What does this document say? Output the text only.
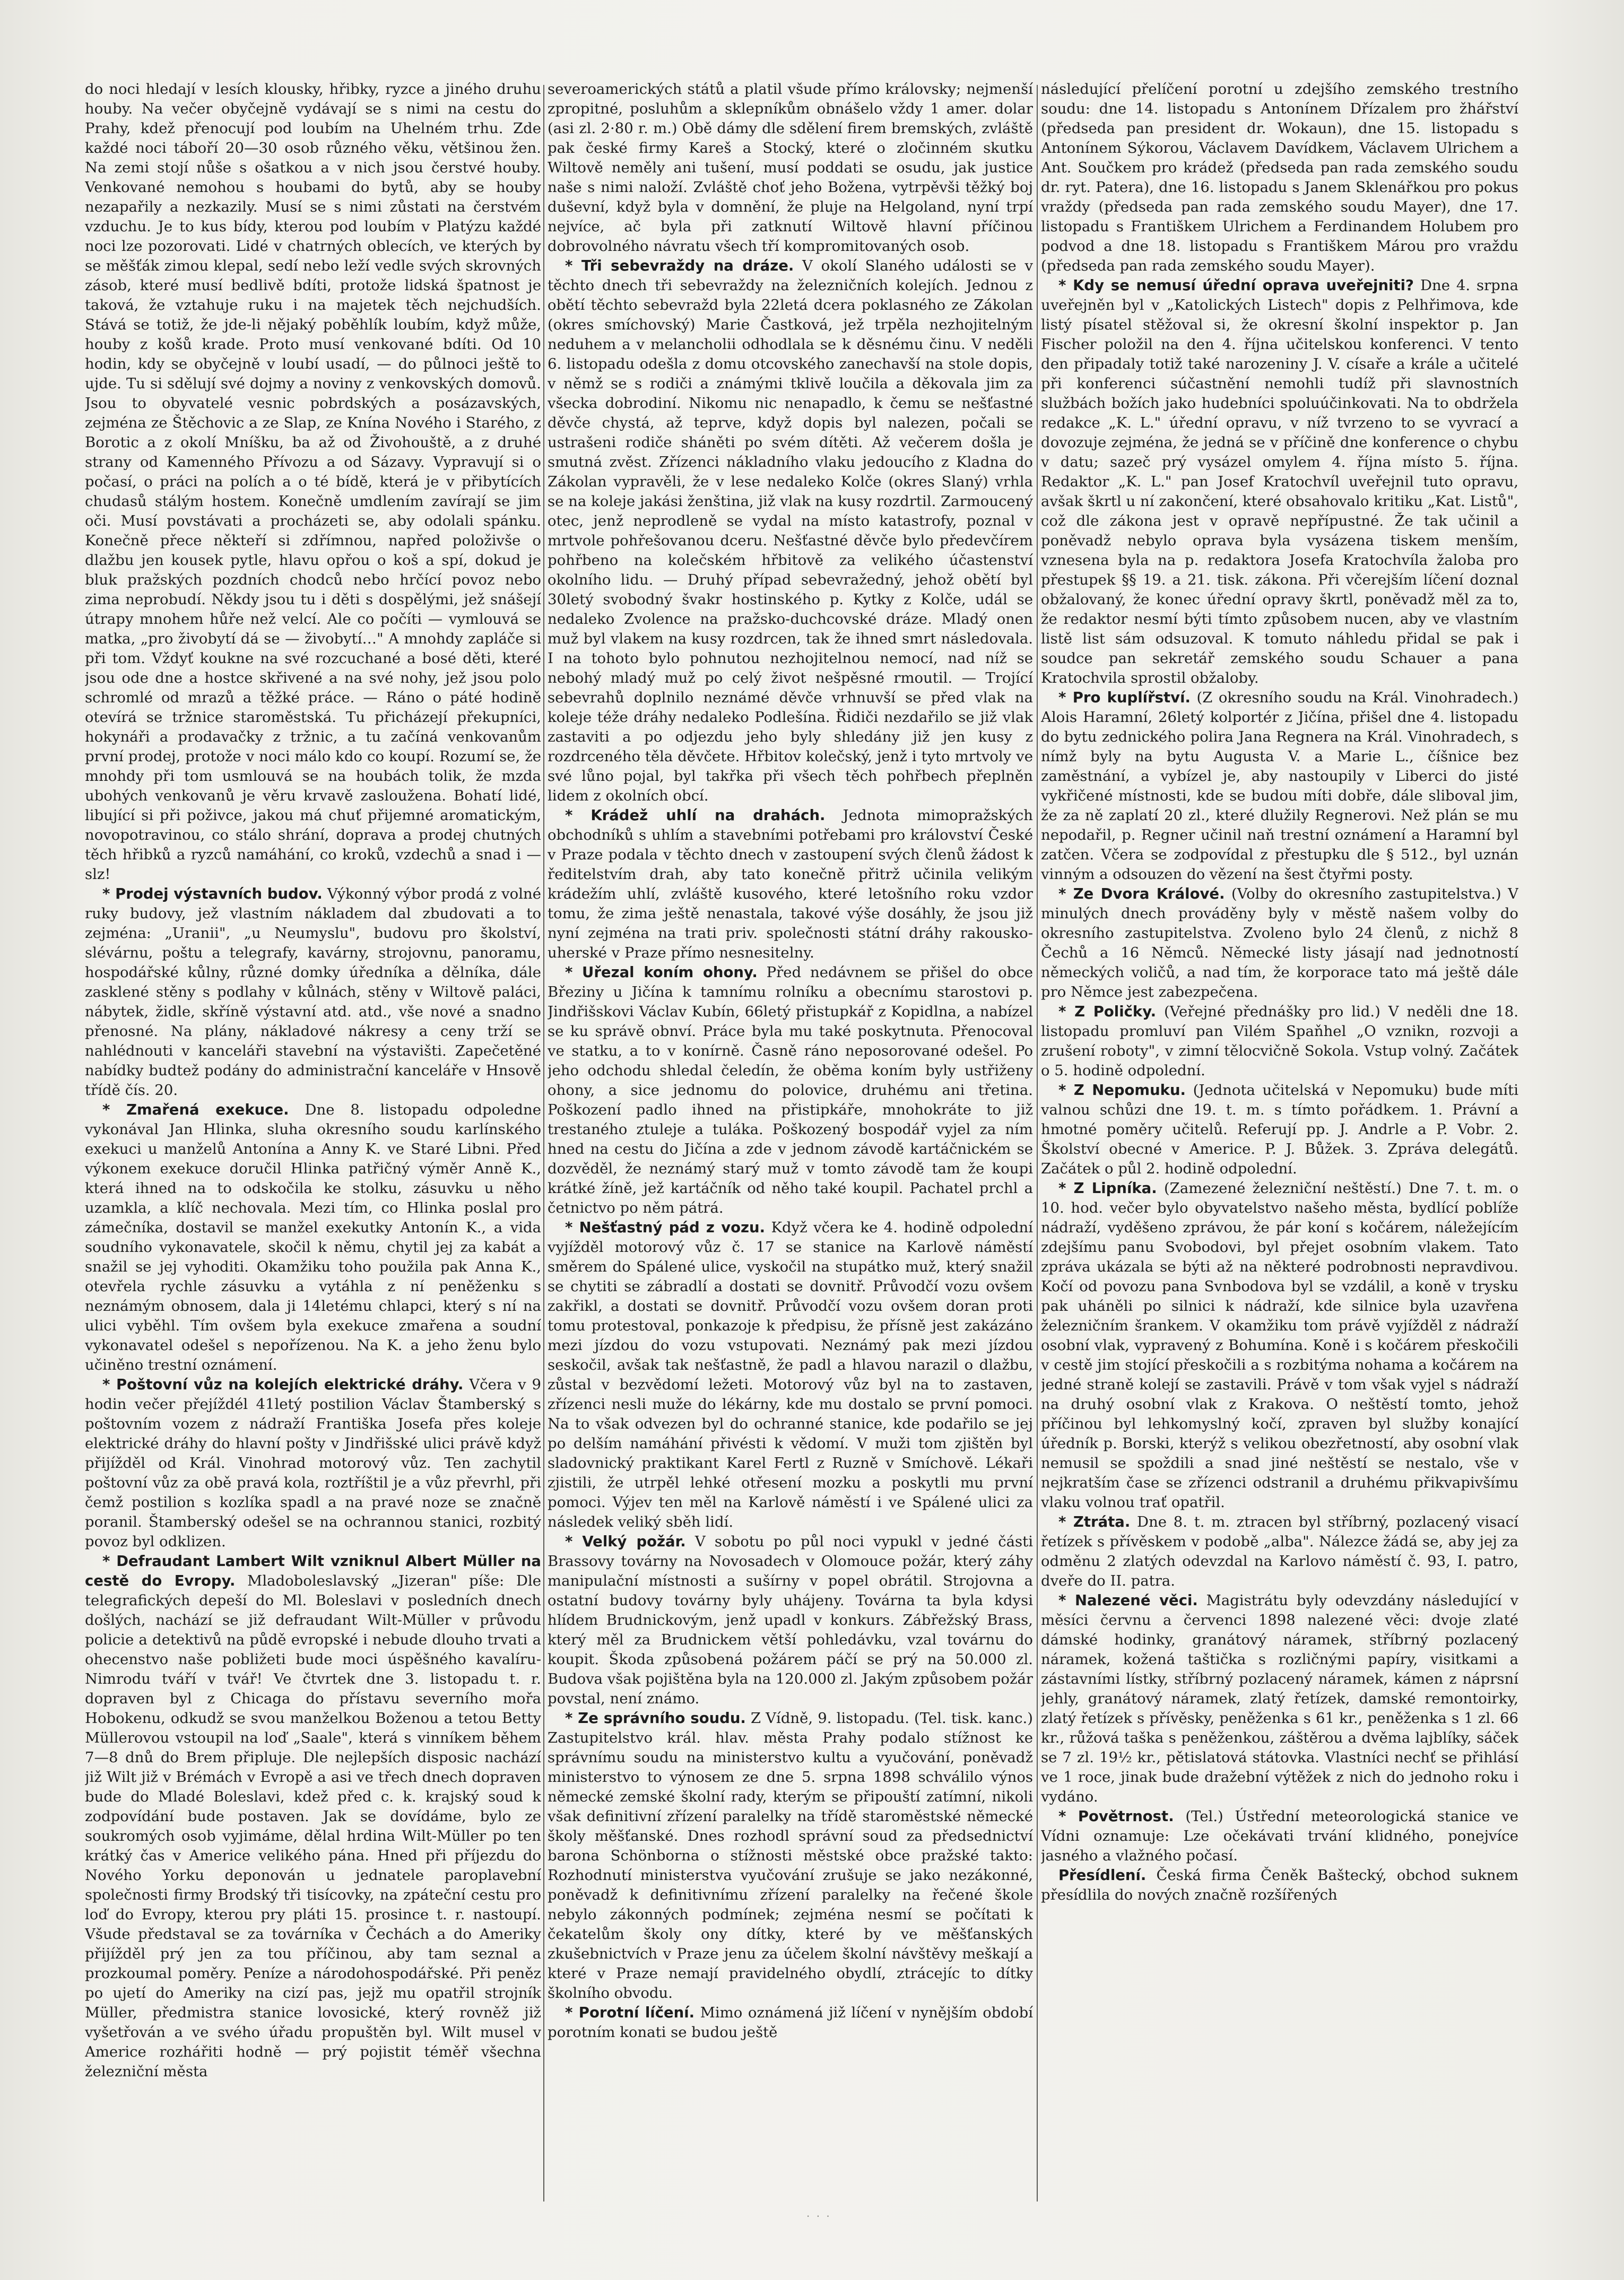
do noci hledají v lesích klousky, hřibky, ryzce a jiného druhu houby. Na večer obyčejně vydávají se s nimi na cestu do Prahy, kdež přenocují pod loubím na Uhelném trhu. Zde každé noci táboří 20—30 osob různého věku, většinou žen. Na zemi stojí nůše s ošatkou a v nich jsou čerstvé houby. Venkované nemohou s houbami do bytů, aby se houby nezapařily a nezkazily. Musí se s nimi zůstati na čerstvém vzduchu. Je to kus bídy, kterou pod loubím v Platýzu každé noci lze pozorovati. Lidé v chatrných oblecích, ve kterých by se měšťák zimou klepal, sedí nebo leží vedle svých skrovných zásob, které musí bedlivě bdíti, protože lidská špatnost je taková, že vztahuje ruku i na majetek těch nejchudších. Stává se totiž, že jde-li nějaký poběhlík loubím, když může, houby z košů krade. Proto musí venkované bdíti. Od 10 hodin, kdy se obyčejně v loubí usadí, — do půlnoci ještě to ujde. Tu si sdělují své dojmy a noviny z venkovských domovů. Jsou to obyvatelé vesnic pobrdských a posázavských, zejména ze Štěchovic a ze Slap, ze Knína Nového i Starého, z Borotic a z okolí Mníšku, ba až od Živohouště, a z druhé strany od Kamenného Přívozu a od Sázavy. Vypravují si o počasí, o práci na polích a o té bídě, která je v přibytících chudasů stálým hostem. Konečně umdlením zavírají se jim oči. Musí povstávati a procházeti se, aby odolali spánku. Konečně přece někteří si zdřímnou, napřed položivše o dlažbu jen kousek pytle, hlavu opřou o koš a spí, dokud je bluk pražských pozdních chodců nebo hrčící povoz nebo zima neprobudí. Někdy jsou tu i děti s dospělými, jež snášejí útrapy mnohem hůře než velcí. Ale co počíti — vymlouvá se matka, „pro živobytí dá se — živobytí…" A mnohdy zapláče si při tom. Vždyť koukne na své rozcuchané a bosé děti, které jsou ode dne a hostce skřivené a na své nohy, jež jsou polo schromlé od mrazů a těžké práce. — Ráno o páté hodině otevírá se tržnice staroměstská. Tu přicházejí překupníci, hokynáři a prodavačky z tržnic, a tu začíná venkovanům první prodej, protože v noci málo kdo co koupí. Rozumí se, že mnohdy při tom usmlouvá se na houbách tolik, že mzda ubohých venkovanů je věru krvavě zasloužena. Bohatí lidé, libující si při poživce, jakou má chuť přijemné aromatickým, novopotravinou, co stálo shrání, doprava a prodej chutných těch hřibků a ryzců namáhání, co kroků, vzdechů a snad i — slz!

* Prodej výstavních budov. Výkonný výbor prodá z volné ruky budovy, jež vlastním nákladem dal zbudovati a to zejména: „Uranii", „u Neumyslu", budovu pro školství, slévárnu, poštu a telegrafy, kavárny, strojovnu, panoramu, hospodářské kůlny, různé domky úředníka a dělníka, dále zasklené stěny s podlahy v kůlnách, stěny v Wiltově paláci, nábytek, židle, skříně výstavní atd. atd., vše nové a snadno přenosné. Na plány, nákladové nákresy a ceny trží se nahlédnouti v kanceláři stavební na výstavišti. Zapečetěné nabídky budtež podány do administrační kanceláře v Hnsově třídě čís. 20.

* Zmařená exekuce. Dne 8. listopadu odpoledne vykonával Jan Hlinka, sluha okresního soudu karlínského exekuci u manželů Antonína a Anny K. ve Staré Libni. Před výkonem exekuce doručil Hlinka patřičný výměr Anně K., která ihned na to odskočila ke stolku, zásuvku u něho uzamkla, a klíč nechovala. Mezi tím, co Hlinka poslal pro zámečníka, dostavil se manžel exekutky Antonín K., a vida soudního vykonavatele, skočil k němu, chytil jej za kabát a snažil se jej vyhoditi. Okamžiku toho použila pak Anna K., otevřela rychle zásuvku a vytáhla z ní peněženku s neznámým obnosem, dala ji 14letému chlapci, který s ní na ulici vyběhl. Tím ovšem byla exekuce zmařena a soudní vykonavatel odešel s nepořízenou. Na K. a jeho ženu bylo učiněno trestní oznámení.

* Poštovní vůz na kolejích elektrické dráhy. Včera v 9 hodin večer přejíždél 41letý postilion Václav Štamberský s poštovním vozem z nádraží Františka Josefa přes koleje elektrické dráhy do hlavní pošty v Jindřišské ulici právě když přijížděl od Král. Vinohrad motorový vůz. Ten zachytil poštovní vůz za obě pravá kola, roztříštil je a vůz převrhl, při čemž postilion s kozlíka spadl a na pravé noze se značně poranil. Štamberský odešel se na ochrannou stanici, rozbitý povoz byl odklizen.

* Defraudant Lambert Wilt vzniknul Albert Müller na cestě do Evropy. Mladoboleslavský „Jizeran" píše: Dle telegrafických depeší do Ml. Boleslavi v posledních dnech došlých, nachází se již defraudant Wilt-Müller v průvodu policie a detektivů na půdě evropské i nebude dlouho trvati a ohecenstvo naše pobližeti bude moci úspěšného kavalíru-Nimrodu tváří v tvář! Ve čtvrtek dne 3. listopadu t. r. dopraven byl z Chicaga do přístavu severního mořa Hobokenu, odkudž se svou manželkou Boženou a tetou Betty Müllerovou vstoupil na loď „Saale", která s vinníkem během 7—8 dnů do Brem připluje. Dle nejlepších disposic nachází již Wilt již v Brémách v Evropě a asi ve třech dnech dopraven bude do Mladé Boleslavi, kdež před c. k. krajský soud k zodpovídání bude postaven. Jak se dovídáme, bylo ze soukromých osob vyjimáme, dělal hrdina Wilt-Müller po ten krátký čas v Americe velikého pána. Hned při příjezdu do Nového Yorku deponován u jednatele paroplavební společnosti firmy Brodský tři tisícovky, na zpáteční cestu pro loď do Evropy, kterou pry pláti 15. prosince t. r. nastoupí. Všude představal se za továrníka v Čechách a do Ameriky přijížděl prý jen za tou příčinou, aby tam seznal a prozkoumal poměry. Peníze a národohospodářské. Při peněz po ujetí do Ameriky na cizí pas, jejž mu opatřil strojník Müller, předmistra stanice lovosické, který rovněž již vyšetřován a ve svého úřadu propuštěn byl. Wilt musel v Americe rozhářiti hodně — prý pojistit téměř všechna železniční města

severoamerických států a platil všude přímo královsky; nejmenší zpropitné, posluhům a sklepníkům obnášelo vždy 1 amer. dolar (asi zl. 2·80 r. m.) Obě dámy dle sdělení firem bremských, zvláště pak české firmy Kareš a Stocký, které o zločinném skutku Wiltově neměly ani tušení, musí poddati se osudu, jak justice naše s nimi naloží. Zvláště choť jeho Božena, vytrpěvši těžký boj duševní, když byla v domnění, že pluje na Helgoland, nyní trpí nejvíce, ač byla při zatknutí Wiltově hlavní příčinou dobrovolného návratu všech tří kompromitovaných osob.

* Tři sebevraždy na dráze. V okolí Slaného události se v těchto dnech tři sebevraždy na železničních kolejích. Jednou z obětí těchto sebevražd byla 22letá dcera poklasného ze Zákolan (okres smíchovský) Marie Častková, jež trpěla nezhojitelným neduhem a v melancholii odhodlala se k děsnému činu. V neděli 6. listopadu odešla z domu otcovského zanechavší na stole dopis, v němž se s rodiči a známými tklivě loučila a děkovala jim za všecka dobrodiní. Nikomu nic nenapadlo, k čemu se nešťastné děvče chystá, až teprve, když dopis byl nalezen, počali se ustrašeni rodiče sháněti po svém dítěti. Až večerem došla je smutná zvěst. Zřízenci nákladního vlaku jedoucího z Kladna do Zákolan vypravěli, že v lese nedaleko Kolče (okres Slaný) vrhla se na koleje jakási ženština, již vlak na kusy rozdrtil. Zarmoucený otec, jenž neprodleně se vydal na místo katastrofy, poznal v mrtvole pohřešovanou dceru. Nešťastné děvče bylo předevčírem pohřbeno na kolečském hřbitově za velikého účastenství okolního lidu. — Druhý případ sebevražedný, jehož obětí byl 30letý svobodný švakr hostinského p. Kytky z Kolče, udál se nedaleko Zvolence na pražsko-duchcovské dráze. Mladý onen muž byl vlakem na kusy rozdrcen, tak že ihned smrt následovala. I na tohoto bylo pohnutou nezhojitelnou nemocí, nad níž se nebohý mladý muž po celý život nešpěsné rmoutil. — Trojící sebevrahů doplnilo neznámé děvče vrhnuvší se před vlak na koleje téže dráhy nedaleko Podlešína. Řidiči nezdařilo se již vlak zastaviti a po odjezdu jeho byly shledány již jen kusy z rozdrceného těla děvčete. Hřbitov kolečský, jenž i tyto mrtvoly ve své lůno pojal, byl takřka při všech těch pohřbech přeplněn lidem z okolních obcí.

* Krádež uhlí na drahách. Jednota mimopražských obchodníků s uhlím a stavebními potřebami pro království České v Praze podala v těchto dnech v zastoupení svých členů žádost k ředitelstvím drah, aby tato konečně přitrž učinila velikým krádežím uhlí, zvláště kusového, které letošního roku vzdor tomu, že zima ještě nenastala, takové výše dosáhly, že jsou již nyní zejména na trati priv. společnosti státní dráhy rakousko-uherské v Praze přímo nesnesitelny.

* Uřezal koním ohony. Před nedávnem se přišel do obce Březiny u Jičína k tamnímu rolníku a obecnímu starostovi p. Jindřišskovi Václav Kubín, 66letý přistupkář z Kopidlna, a nabízel se ku správě obnví. Práce byla mu také poskytnuta. Přenocoval ve statku, a to v konírně. Časně ráno neposorované odešel. Po jeho odchodu shledal čeledín, že oběma koním byly ustřiženy ohony, a sice jednomu do polovice, druhému ani třetina. Poškození padlo ihned na přistipkáře, mnohokráte to již trestaného ztuleje a tuláka. Poškozený bospodář vyjel za ním hned na cestu do Jičína a zde v jednom závodě kartáčnickém se dozvěděl, že neznámý starý muž v tomto závodě tam že koupi krátké žíně, jež kartáčník od něho také koupil. Pachatel prchl a četnictvo po něm pátrá.

* Nešťastný pád z vozu. Když včera ke 4. hodině odpolední vyjížděl motorový vůz č. 17 se stanice na Karlově náměstí směrem do Spálené ulice, vyskočil na stupátko muž, který snažil se chytiti se zábradlí a dostati se dovnitř. Průvodčí vozu ovšem zakřikl, a dostati se dovnitř. Průvodčí vozu ovšem doran proti tomu protestoval, ponkazoje k předpisu, že přísně jest zakázáno mezi jízdou do vozu vstupovati. Neznámý pak mezi jízdou seskočil, avšak tak nešťastně, že padl a hlavou narazil o dlažbu, zůstal v bezvědomí ležeti. Motorový vůz byl na to zastaven, zřízenci nesli muže do lékárny, kde mu dostalo se první pomoci. Na to však odvezen byl do ochranné stanice, kde podařilo se jej po delším namáhání přivésti k vědomí. V muži tom zjištěn byl sladovnický praktikant Karel Fertl z Ruzně v Smíchově. Lékaři zjistili, že utrpěl lehké otřesení mozku a poskytli mu první pomoci. Výjev ten měl na Karlově náměstí i ve Spálené ulici za následek veliký sběh lidí.

* Velký požár. V sobotu po půl noci vypukl v jedné části Brassovy továrny na Novosadech v Olomouce požár, který záhy manipulační místnosti a sušírny v popel obrátil. Strojovna a ostatní budovy továrny byly uhájeny. Továrna ta byla kdysi hlídem Brudnickovým, jenž upadl v konkurs. Zábřežský Brass, který měl za Brudnickem větší pohledávku, vzal továrnu do koupit. Škoda způsobená požárem páčí se prý na 50.000 zl. Budova však pojištěna byla na 120.000 zl. Jakým způsobem požár povstal, není známo.

* Ze správního soudu. Z Vídně, 9. listopadu. (Tel. tisk. kanc.) Zastupitelstvo král. hlav. města Prahy podalo stížnost ke správnímu soudu na ministerstvo kultu a vyučování, poněvadž ministerstvo to výnosem ze dne 5. srpna 1898 schválilo výnos německé zemské školní rady, kterým se připouští zatímní, nikoli však definitivní zřízení paralelky na třídě staroměstské německé školy měšťanské. Dnes rozhodl správní soud za předsednictví barona Schönborna o stížnosti městské obce pražské takto: Rozhodnutí ministerstva vyučování zrušuje se jako nezákonné, poněvadž k definitivnímu zřízení paralelky na řečené škole nebylo zákonných podmínek; zejména nesmí se počítati k čekatelům školy ony dítky, které by ve měšťanských zkušebnictvích v Praze jenu za účelem školní návštěvy meškají a které v Praze nemají pravidelného obydlí, ztrácejíc to dítky školního obvodu.

* Porotní líčení. Mimo oznámená již líčení v nynějším období porotním konati se budou ještě

následující přelíčení porotní u zdejšího zemského trestního soudu: dne 14. listopadu s Antonínem Dřízalem pro žhářství (předseda pan president dr. Wokaun), dne 15. listopadu s Antonínem Sýkorou, Václavem Davídkem, Václavem Ulrichem a Ant. Součkem pro krádež (předseda pan rada zemského soudu dr. ryt. Patera), dne 16. listopadu s Janem Sklenářkou pro pokus vraždy (předseda pan rada zemského soudu Mayer), dne 17. listopadu s Františkem Ulrichem a Ferdinandem Holubem pro podvod a dne 18. listopadu s Františkem Márou pro vraždu (předseda pan rada zemského soudu Mayer).

* Kdy se nemusí úřední oprava uveřejniti? Dne 4. srpna uveřejněn byl v „Katolických Listech" dopis z Pelhřimova, kde listý písatel stěžoval si, že okresní školní inspektor p. Jan Fischer položil na den 4. října učitelskou konferenci. V tento den připadaly totiž také narozeniny J. V. císaře a krále a učitelé při konferenci súčastnění nemohli tudíž při slavnostních službách božích jako hudebníci spoluúčinkovati. Na to obdržela redakce „K. L." úřední opravu, v níž tvrzeno to se vyvrací a dovozuje zejména, že jedná se v příčině dne konference o chybu v datu; sazeč prý vysázel omylem 4. října místo 5. října. Redaktor „K. L." pan Josef Kratochvíl uveřejnil tuto opravu, avšak škrtl u ní zakončení, které obsahovalo kritiku „Kat. Listů", což dle zákona jest v opravě nepřípustné. Že tak učinil a poněvadž nebylo oprava byla vysázena tiskem menším, vznesena byla na p. redaktora Josefa Kratochvíla žaloba pro přestupek §§ 19. a 21. tisk. zákona. Při včerejším líčení doznal obžalovaný, že konec úřední opravy škrtl, poněvadž měl za to, že redaktor nesmí býti tímto způsobem nucen, aby ve vlastním listě list sám odsuzoval. K tomuto náhledu přidal se pak i soudce pan sekretář zemského soudu Schauer a pana Kratochvila sprostil obžaloby.

* Pro kuplířství. (Z okresního soudu na Král. Vinohradech.) Alois Haramní, 26letý kolportér z Jičína, přišel dne 4. listopadu do bytu zednického polira Jana Regnera na Král. Vinohradech, s nímž byly na bytu Augusta V. a Marie L., číšnice bez zaměstnání, a vybízel je, aby nastoupily v Liberci do jisté vykřičené místnosti, kde se budou míti dobře, dále sliboval jim, že za ně zaplatí 20 zl., které dlužily Regnerovi. Než plán se mu nepodařil, p. Regner učinil naň trestní oznámení a Haramní byl zatčen. Včera se zodpovídal z přestupku dle § 512., byl uznán vinným a odsouzen do vězení na šest čtyřmi posty.

* Ze Dvora Králové. (Volby do okresního zastupitelstva.) V minulých dnech prováděny byly v městě našem volby do okresního zastupitelstva. Zvoleno bylo 24 členů, z nichž 8 Čechů a 16 Němců. Německé listy jásají nad jednotností německých voličů, a nad tím, že korporace tato má ještě dále pro Němce jest zabezpečena.

* Z Poličky. (Veřejné přednášky pro lid.) V neděli dne 18. listopadu promluví pan Vilém Spaňhel „O vznikn, rozvoji a zrušení roboty", v zimní tělocvičně Sokola. Vstup volný. Začátek o 5. hodině odpolední.

* Z Nepomuku. (Jednota učitelská v Nepomuku) bude míti valnou schůzi dne 19. t. m. s tímto pořádkem. 1. Právní a hmotné poměry učitelů. Referují pp. J. Andrle a P. Vobr. 2. Školství obecné v Americe. P. J. Bůžek. 3. Zpráva delegátů. Začátek o půl 2. hodině odpolední.

* Z Lipníka. (Zamezené železniční neštěstí.) Dne 7. t. m. o 10. hod. večer bylo obyvatelstvo našeho města, bydlící poblíže nádraží, vyděšeno zprávou, že pár koní s kočárem, náležejícím zdejšímu panu Svobodovi, byl přejet osobním vlakem. Tato zpráva ukázala se býti až na některé podrobnosti nepravdivou. Kočí od povozu pana Svnbodova byl se vzdálil, a koně v trysku pak uháněli po silnici k nádraží, kde silnice byla uzavřena železničním šrankem. V okamžiku tom právě vyjížděl z nádraží osobní vlak, vypravený z Bohumína. Koně i s kočárem přeskočili v cestě jim stojící přeskočili a s rozbitýma nohama a kočárem na jedné straně kolejí se zastavili. Právě v tom však vyjel s nádraží na druhý osobní vlak z Krakova. O neštěstí tomto, jehož příčinou byl lehkomyslný kočí, zpraven byl služby konající úředník p. Borski, kterýž s velikou obezřetností, aby osobní vlak nemusil se spoždili a snad jiné neštěstí se nestalo, vše v nejkratším čase se zřízenci odstranil a druhému přikvapivšímu vlaku volnou trať opatřil.

* Ztráta. Dne 8. t. m. ztracen byl stříbrný, pozlacený visací řetízek s přívěskem v podobě „alba". Nálezce žádá se, aby jej za odměnu 2 zlatých odevzdal na Karlovo náměstí č. 93, I. patro, dveře do II. patra.

* Nalezené věci. Magistrátu byly odevzdány následující v měsíci červnu a červenci 1898 nalezené věci: dvoje zlaté dámské hodinky, granátový náramek, stříbrný pozlacený náramek, kožená taštička s rozličnými papíry, visitkami a zástavními lístky, stříbrný pozlacený náramek, kámen z náprsní jehly, granátový náramek, zlatý řetízek, damské remontoirky, zlatý řetízek s přívěsky, peněženka s 61 kr., peněženka s 1 zl. 66 kr., růžová taška s peněženkou, záštěrou a dvěma lajblíky, sáček se 7 zl. 19½ kr., pětislatová státovka. Vlastníci nechť se přihlásí ve 1 roce, jinak bude dražební výtěžek z nich do jednoho roku i vydáno.

* Povětrnost. (Tel.) Ústřední meteorologická stanice ve Vídni oznamuje: Lze očekávati trvání klidného, ponejvíce jasného a vlažného počasí.

Přesídlení. Česká firma Čeněk Baštecký, obchod suknem přesídlila do nových značně rozšířených

· · ·
